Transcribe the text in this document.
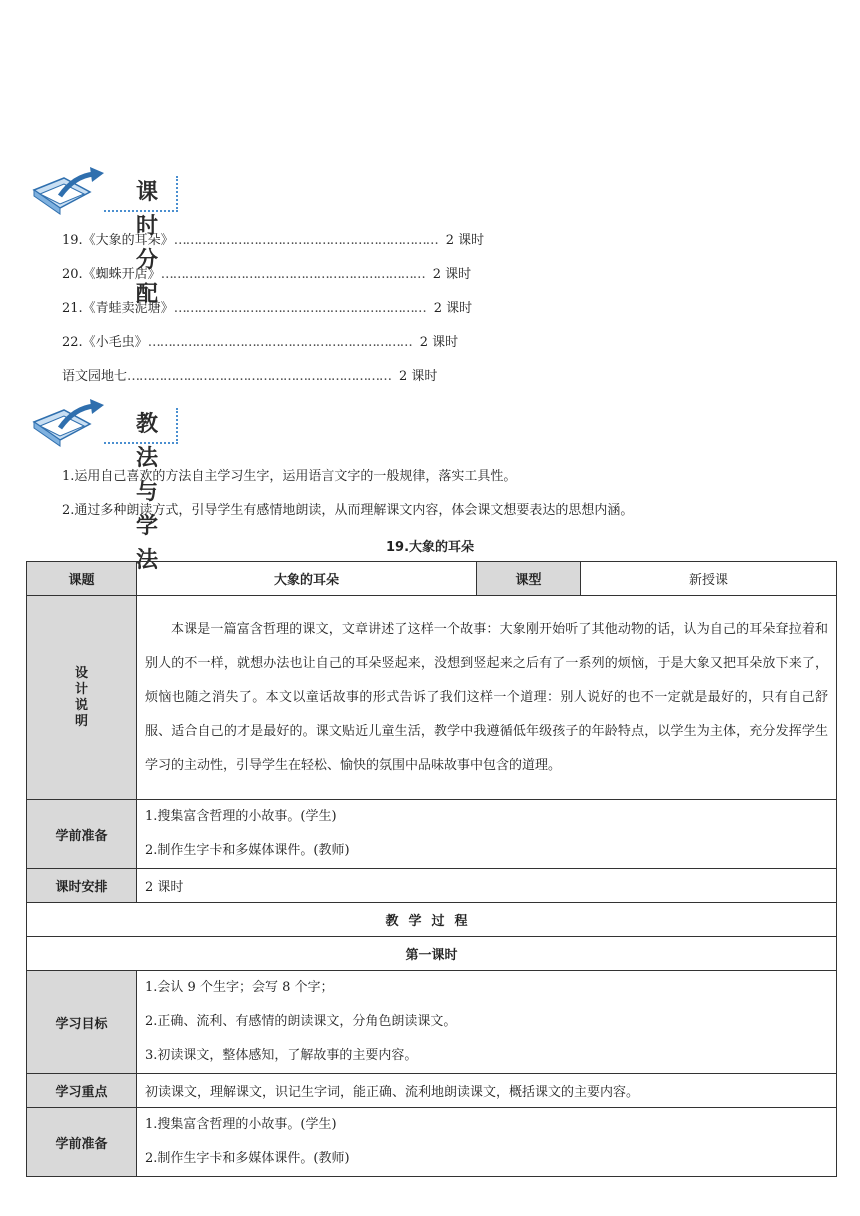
课时分配
19.《大象的耳朵》………………………………………………………… 2 课时
20.《蜘蛛开店》………………………………………………………… 2 课时
21.《青蛙卖泥塘》……………………………………………………… 2 课时
22.《小毛虫》………………………………………………………… 2 课时
语文园地七………………………………………………………… 2 课时
教法与学法
1.运用自己喜欢的方法自主学习生字，运用语言文字的一般规律，落实工具性。
2.通过多种朗读方式，引导学生有感情地朗读，从而理解课文内容，体会课文想要表达的思想内涵。
19.大象的耳朵
课题	大象的耳朵	课型	新授课

设计说明	本课是一篇富含哲理的课文，文章讲述了这样一个故事：大象刚开始听了其他动物的话，认为自己的耳朵耷拉着和别人的不一样，就想办法也让自己的耳朵竖起来，没想到竖起来之后有了一系列的烦恼，于是大象又把耳朵放下来了，烦恼也随之消失了。本文以童话故事的形式告诉了我们这样一个道理：别人说好的也不一定就是最好的，只有自己舒服、适合自己的才是最好的。课文贴近儿童生活，教学中我遵循低年级孩子的年龄特点，以学生为主体，充分发挥学生学习的主动性，引导学生在轻松、愉快的氛围中品味故事中包含的道理。		
学前准备	1.搜集富含哲理的小故事。(学生)
2.制作生字卡和多媒体课件。(教师)		

课时安排	2 课时		
教学过程			
第一课时			
学习目标	1.会认 9 个生字；会写 8 个字；
2.正确、流利、有感情的朗读课文，分角色朗读课文。
3.初读课文，整体感知，了解故事的主要内容。		

学习重点	初读课文，理解课文，识记生字词，能正确、流利地朗读课文，概括课文的主要内容。		
学前准备	1.搜集富含哲理的小故事。(学生)
2.制作生字卡和多媒体课件。(教师)		
